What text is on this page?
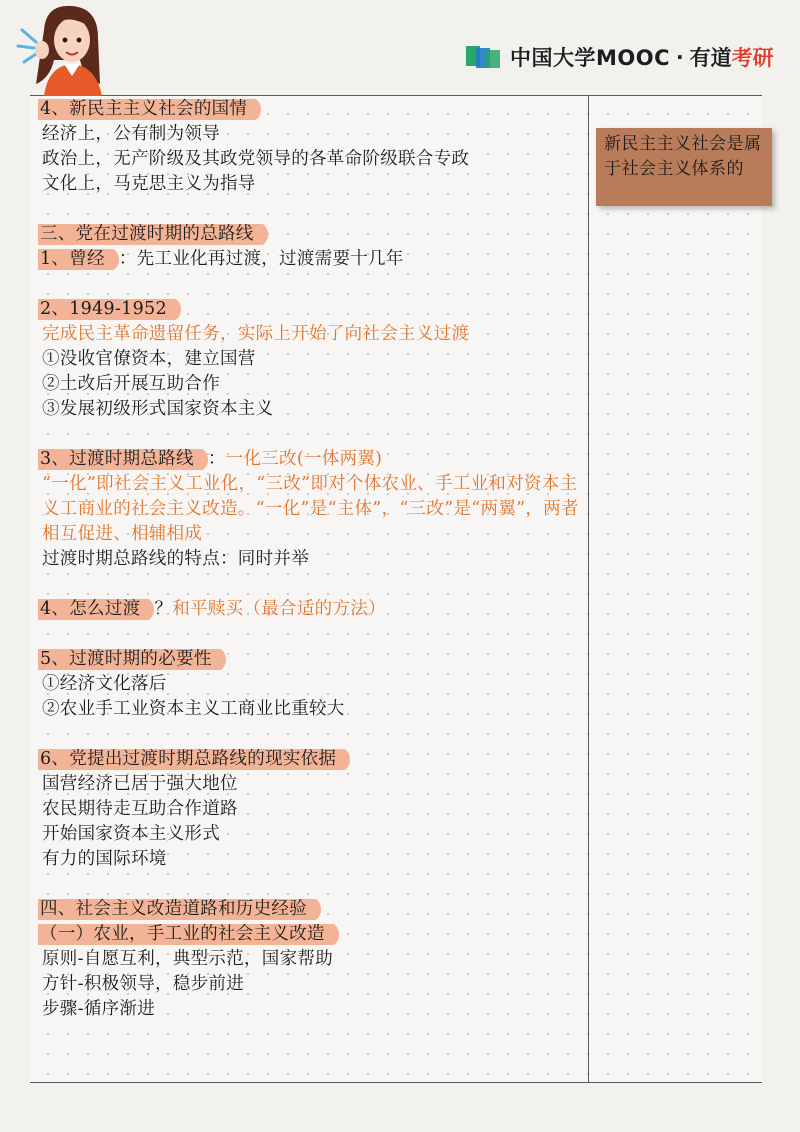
中国大学MOOC · 有道 考研
4、新民主主义社会的国情
经济上，公有制为领导
政治上，无产阶级及其政党领导的各革命阶级联合专政
文化上，马克思主义为指导
三、党在过渡时期的总路线
1、曾经 ：先工业化再过渡，过渡需要十几年
2、1949-1952
完成民主革命遗留任务，实际上开始了向社会主义过渡
①没收官僚资本，建立国营
②土改后开展互助合作
③发展初级形式国家资本主义
3、过渡时期总路线 ：一化三改(一体两翼)
“一化”即社会主义工业化，“三改”即对个体农业、手工业和对资本主义工商业的社会主义改造。“一化”是“主体”，“三改”是“两翼”，两者相互促进、相辅相成
过渡时期总路线的特点：同时并举
4、怎么过渡 ？和平赎买（最合适的方法）
5、过渡时期的必要性
①经济文化落后
②农业手工业资本主义工商业比重较大
6、党提出过渡时期总路线的现实依据
国营经济已居于强大地位
农民期待走互助合作道路
开始国家资本主义形式
有力的国际环境
四、社会主义改造道路和历史经验
（一）农业，手工业的社会主义改造
原则-自愿互利，典型示范，国家帮助
方针-积极领导，稳步前进
步骤-循序渐进
新民主主义社会是属于社会主义体系的
